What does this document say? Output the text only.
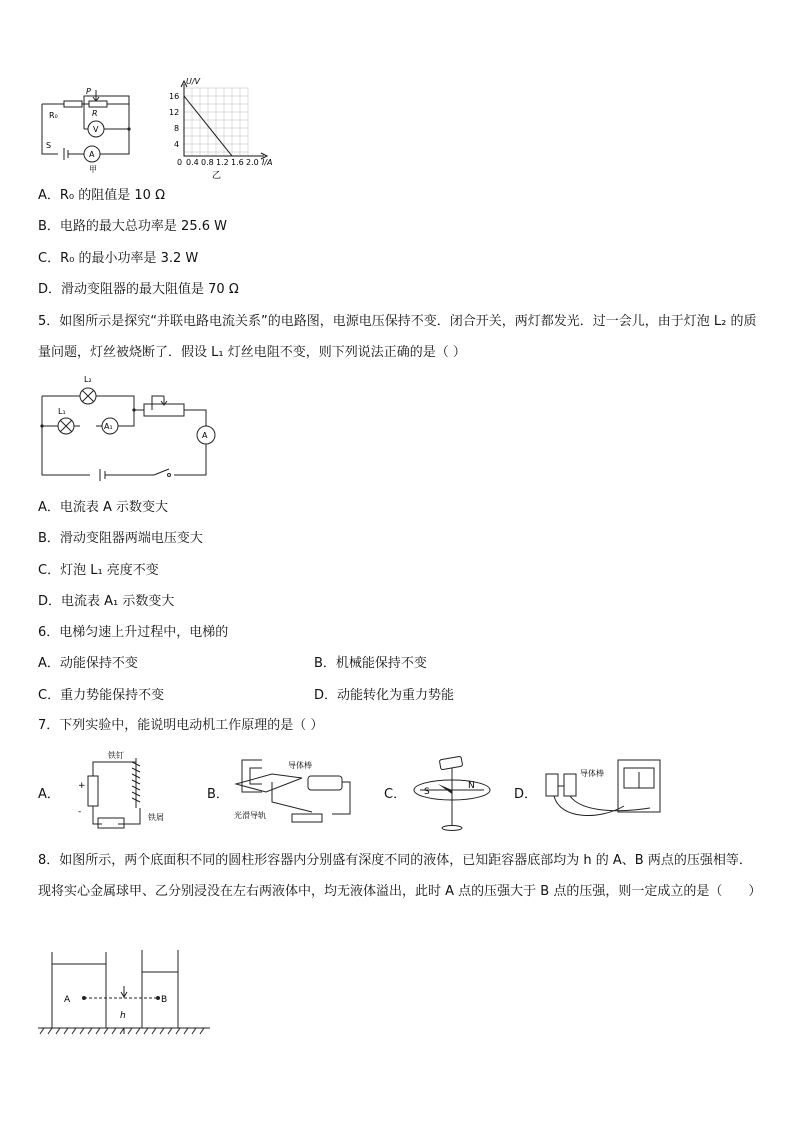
R₀
P
R
S
V
A
甲
U/V
16
12
8
4
0 0.4 0.8 1.2 1.6 2.0 I/A
乙
A．R₀ 的阻值是 10 Ω
B．电路的最大总功率是 25.6 W
C．R₀ 的最小功率是 3.2 W
D．滑动变阻器的最大阻值是 70 Ω
5．如图所示是探究“并联电路电流关系”的电路图，电源电压保持不变．闭合开关，两灯都发光．过一会儿，由于灯泡 L₂ 的质量问题，灯丝被烧断了．假设 L₁ 灯丝电阻不变，则下列说法正确的是（ ）
L₂
L₁
A₁
A
A．电流表 A 示数变大
B．滑动变阻器两端电压变大
C．灯泡 L₁ 亮度不变
D．电流表 A₁ 示数变大
6．电梯匀速上升过程中，电梯的
A．动能保持不变	B．机械能保持不变
C．重力势能保持不变	D．动能转化为重力势能
7．下列实验中，能说明电动机工作原理的是（ ）
A．
+
-
铁钉
铁屑
B．
导体棒
光滑导轨
C． S
N
D．
导体棒
8．如图所示，两个底面积不同的圆柱形容器内分别盛有深度不同的液体，已知距容器底部均为 h 的 A、B 两点的压强相等．现将实心金属球甲、乙分别浸没在左右两液体中，均无液体溢出，此时 A 点的压强大于 B 点的压强，则一定成立的是（　　）
A	B
h
